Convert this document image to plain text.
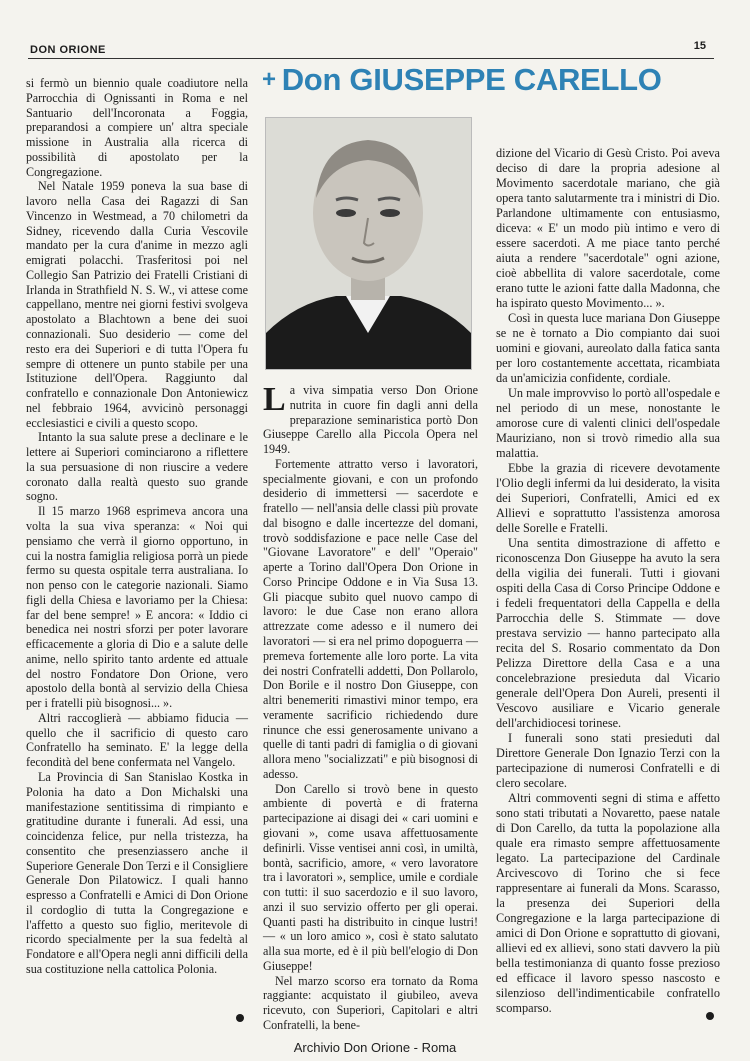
DON ORIONE	15
+ Don GIUSEPPE CARELLO

si fermò un biennio quale coadiutore nella Parrocchia di Ognissanti in Roma e nel Santuario dell'Incoronata a Foggia, preparandosi a compiere un' altra speciale missione in Australia alla ricerca di possibilità di apostolato per la Congregazione.

Nel Natale 1959 poneva la sua base di lavoro nella Casa dei Ragazzi di San Vincenzo in Westmead, a 70 chilometri da Sidney, ricevendo dalla Curia Vescovile mandato per la cura d'anime in mezzo agli emigrati polacchi. Trasferitosi poi nel Collegio San Patrizio dei Fratelli Cristiani di Irlanda in Strathfield N. S. W., vi attese come cappellano, mentre nei giorni festivi svolgeva apostolato a Blachtown a bene dei suoi connazionali. Suo desiderio — come del resto era dei Superiori e di tutta l'Opera fu sempre di ottenere un punto stabile per una Istituzione dell'Opera. Raggiunto dal confratello e connazionale Don Antoniewicz nel febbraio 1964, avvicinò personaggi ecclesiastici e civili a questo scopo.

Intanto la sua salute prese a declinare e le lettere ai Superiori cominciarono a riflettere la sua persuasione di non riuscire a vedere coronato dalla realtà questo suo grande sogno.

Il 15 marzo 1968 esprimeva ancora una volta la sua viva speranza: « Noi qui pensiamo che verrà il giorno opportuno, in cui la nostra famiglia religiosa porrà un piede fermo su questa ospitale terra australiana. Io non penso con le categorie nazionali. Siamo figli della Chiesa e lavoriamo per la Chiesa: far del bene sempre! » E ancora: « Iddio ci benedica nei nostri sforzi per poter lavorare efficacemente a gloria di Dio e a salute delle anime, nello spirito tanto ardente ed attuale del nostro Fondatore Don Orione, vero apostolo della bontà al servizio della Chiesa per i fratelli più bisognosi... ».

Altri raccoglierà — abbiamo fiducia — quello che il sacrificio di questo caro Confratello ha seminato. E' la legge della fecondità del bene confermata nel Vangelo.

La Provincia di San Stanislao Kostka in Polonia ha dato a Don Michalski una manifestazione sentitissima di rimpianto e gratitudine durante i funerali. Ad essi, una coincidenza felice, pur nella tristezza, ha consentito che presenziassero anche il Superiore Generale Don Terzi e il Consigliere Generale Don Pilatowicz. I quali hanno espresso a Confratelli e Amici di Don Orione il cordoglio di tutta la Congregazione e l'affetto a questo suo figlio, meritevole di ricordo specialmente per la sua fedeltà al Fondatore e all'Opera negli anni difficili della sua costituzione nella cattolica Polonia.

La viva simpatia verso Don Orione nutrita in cuore fin dagli anni della preparazione seminaristica portò Don Giuseppe Carello alla Piccola Opera nel 1949.

Fortemente attratto verso i lavoratori, specialmente giovani, e con un profondo desiderio di immettersi — sacerdote e fratello — nell'ansia delle classi più provate dal bisogno e dalle incertezze del domani, trovò soddisfazione e pace nelle Case del "Giovane Lavoratore" e dell' "Operaio" aperte a Torino dall'Opera Don Orione in Corso Principe Oddone e in Via Susa 13. Gli piacque subito quel nuovo campo di lavoro: le due Case non erano allora attrezzate come adesso e il numero dei lavoratori — si era nel primo dopoguerra — premeva fortemente alle loro porte. La vita dei nostri Confratelli addetti, Don Pollarolo, Don Borile e il nostro Don Giuseppe, con altri benemeriti rimastivi minor tempo, era veramente sacrificio richiedendo dure rinunce che essi generosamente univano a quelle di tanti padri di famiglia o di giovani allora meno "socializzati" e più bisognosi di adesso.

Don Carello si trovò bene in questo ambiente di povertà e di fraterna partecipazione ai disagi dei « cari uomini e giovani », come usava affettuosamente definirli. Visse ventisei anni così, in umiltà, bontà, sacrificio, amore, « vero lavoratore tra i lavoratori », semplice, umile e cordiale con tutti: il suo sacerdozio e il suo lavoro, anzi il suo servizio offerto per gli operai. Quanti pasti ha distribuito in cinque lustri! — « un loro amico », così è stato salutato alla sua morte, ed è il più bell'elogio di Don Giuseppe!

Nel marzo scorso era tornato da Roma raggiante: acquistato il giubileo, aveva ricevuto, con Superiori, Capitolari e altri Confratelli, la bene-

dizione del Vicario di Gesù Cristo. Poi aveva deciso di dare la propria adesione al Movimento sacerdotale mariano, che già opera tanto salutarmente tra i ministri di Dio. Parlandone ultimamente con entusiasmo, diceva: « E' un modo più intimo e vero di essere sacerdoti. A me piace tanto perché aiuta a rendere "sacerdotale" ogni azione, cioè abbellita di valore sacerdotale, come erano tutte le azioni fatte dalla Madonna, che ha ispirato questo Movimento... ».

Così in questa luce mariana Don Giuseppe se ne è tornato a Dio compianto dai suoi uomini e giovani, aureolato dalla fatica santa per loro costantemente accettata, ricambiata da un'amicizia confidente, cordiale.

Un male improvviso lo portò all'ospedale e nel periodo di un mese, nonostante le amorose cure di valenti clinici dell'ospedale Mauriziano, non si trovò rimedio alla sua malattia.

Ebbe la grazia di ricevere devotamente l'Olio degli infermi da lui desiderato, la visita dei Superiori, Confratelli, Amici ed ex Allievi e soprattutto l'assistenza amorosa delle Sorelle e Fratelli.

Una sentita dimostrazione di affetto e riconoscenza Don Giuseppe ha avuto la sera della vigilia dei funerali. Tutti i giovani ospiti della Casa di Corso Principe Oddone e i fedeli frequentatori della Cappella e della Parrocchia delle S. Stimmate — dove prestava servizio — hanno partecipato alla recita del S. Rosario commentato da Don Pelizza Direttore della Casa e a una concelebrazione presieduta dal Vicario generale dell'Opera Don Aureli, presenti il Vescovo ausiliare e Vicario generale dell'archidiocesi torinese.

I funerali sono stati presieduti dal Direttore Generale Don Ignazio Terzi con la partecipazione di numerosi Confratelli e di clero secolare.

Altri commoventi segni di stima e affetto sono stati tributati a Novaretto, paese natale di Don Carello, da tutta la popolazione alla quale era rimasto sempre affettuosamente legato. La partecipazione del Cardinale Arcivescovo di Torino che si fece rappresentare ai funerali da Mons. Scarasso, la presenza dei Superiori della Congregazione e la larga partecipazione di amici di Don Orione e soprattutto di giovani, allievi ed ex allievi, sono stati davvero la più bella testimonianza di quanto fosse prezioso ed efficace il lavoro spesso nascosto e silenzioso dell'indimenticabile confratello scomparso.

Archivio Don Orione - Roma
